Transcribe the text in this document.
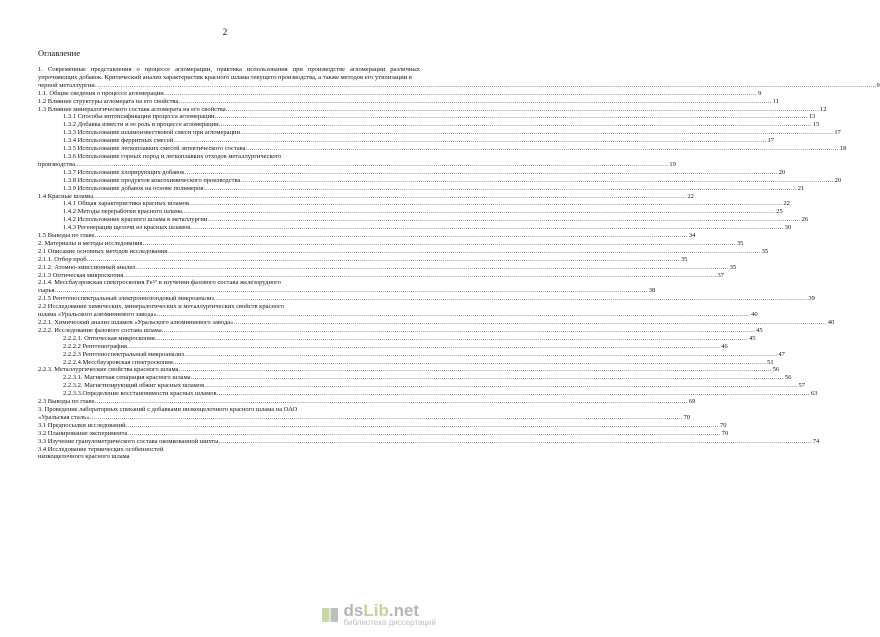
2
Оглавление
1. Современные представления о процессе агломерации, практика использования при производстве агломерации различных упрочняющих добавок. Критический анализ характеристик красного шлама текущего производства, а также методов его утилизации в
черной металлургии…………………………………………………………………………… .....	9
1.1. Общие сведения о процессе агломерации .....	9
1.2 Влияние структуры агломерата на его свойства .....	11
1.3 Влияние минералогического состава агломерата на его свойства .....	12
1.3.1 Способы интенсификации процесса агломерации .....	13
1.3.2 Добавка извести и ее роль в процессе агломерации .....	15
1.3.3 Использование шламоизвестковой смеси при агломерации .....	17
1.3.4 Использование ферритных смесей .....	17
1.3.5 Использование легкоплавких смесей эвтектического состава .....	18
1.3.6 Использование горных пород и легкоплавких отходов металлургического
производства .....	19
1.3.7 Использование хлорирующих добавок .....	20
1.3.8 Использование продуктов коксохимического производства .....	20
1.3.9 Использование добавок на основе полимеров .....	21
1.4 Красные шламы .....	22
1.4.1 Общая характеристика красных шламов .....	22
1.4.2 Методы переработки красного шлама .....	25
1.4.2 Использование красного шлама в металлургии .....	26
1.4.3 Регенерация щелочи из красных шламов .....	30
1.5 Выводы по главе .....	34
2. Материалы и методы исследования .....	35
2.1 Описание основных методов исследования .....	35
2.1.1. Отбор проб .....	35
2.1.2. Атомно-эмиссионный анализ .....	35
2.1.3 Оптическая микроскопия .....	37
2.1.4. Мессбауэровская спектроскопия Fe$^{57}$ в изучении фазового состава железорудного
сырья .....	38
2.1.5 Рентгеноспектральный электроннозондовый микроанализ .....	39
2.2 Исследование химических, минералогических и металлургических свойств красного
шлама «Уральского алюминиевого завода» .....	40
2.2.1. Химический анализ шламов «Уральского алюминиевого завода» .....	40
2.2.2. Исследование фазового состава шлама .....	45
2.2.2.1. Оптическая микроскопия .....	45
2.2.2.2 Рентгенография .....	46
2.2.2.3 Рентгеноспектральный микроанализ .....	47
2.2.2.4.Мессбауэровская спектроскопия .....	51
2.2.3. Металлургические свойства красного шлама .....	56
2.2.3.1. Магнитная сепарация красного шлама .....	56
2.2.3.2. Магнетизирующий обжиг красных шламов .....	57
2.2.3.3.Определение восстановимости красных шламов .....	63
2.3 Выводы по главе .....	69
3. Проведение лабораторных спеканий с добавками низкощелочного красного шлама на ОАО
«Уральская сталь» .....	70
3.1 Предпосылки исследований .....	70
3.2 Планирование эксперимента .....	70
3.3 Изучение гранулометрического состава окомкованной шихты .....	74
3.4 Исследование термических особенностей
низкощелочного красного шлама
dsLib.net
библиотека диссертаций
